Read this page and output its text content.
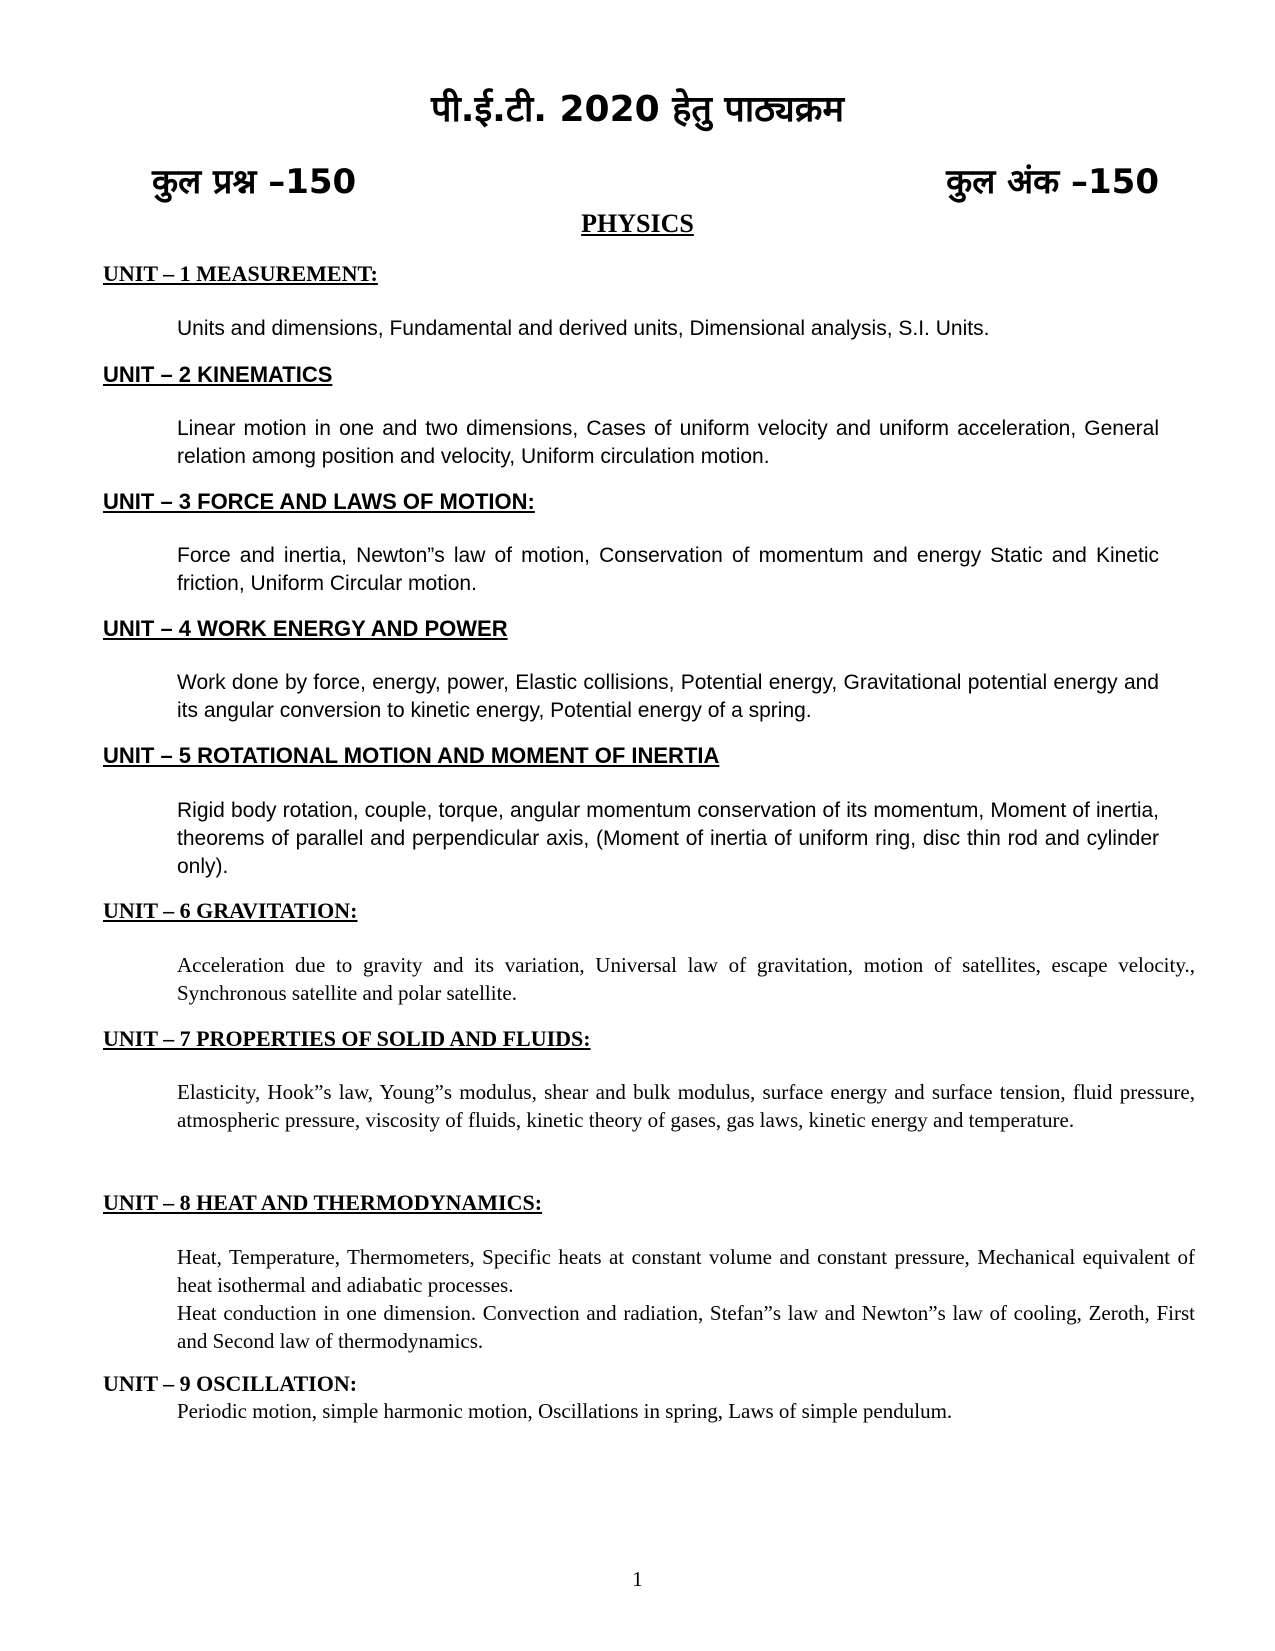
पी.ई.टी. 2020 हेतु पाठ्यक्रम
कुल प्रश्न –150	कुल अंक –150
PHYSICS
UNIT – 1 MEASUREMENT:

Units and dimensions, Fundamental and derived units, Dimensional analysis, S.I. Units.

UNIT – 2 KINEMATICS

Linear motion in one and two dimensions, Cases of uniform velocity and uniform acceleration, General relation among position and velocity, Uniform circulation motion.

UNIT – 3 FORCE AND LAWS OF MOTION:

Force and inertia, Newton”s law of motion, Conservation of momentum and energy Static and Kinetic friction, Uniform Circular motion.

UNIT – 4 WORK ENERGY AND POWER

Work done by force, energy, power, Elastic collisions, Potential energy, Gravitational potential energy and its angular conversion to kinetic energy, Potential energy of a spring.

UNIT – 5 ROTATIONAL MOTION AND MOMENT OF INERTIA

Rigid body rotation, couple, torque, angular momentum conservation of its momentum, Moment of inertia, theorems of parallel and perpendicular axis, (Moment of inertia of uniform ring, disc thin rod and cylinder only).

UNIT – 6 GRAVITATION:

Acceleration due to gravity and its variation, Universal law of gravitation, motion of satellites, escape velocity., Synchronous satellite and polar satellite.

UNIT – 7 PROPERTIES OF SOLID AND FLUIDS:

Elasticity, Hook”s law, Young”s modulus, shear and bulk modulus, surface energy and surface tension, fluid pressure, atmospheric pressure, viscosity of fluids, kinetic theory of gases, gas laws, kinetic energy and temperature.

UNIT – 8 HEAT AND THERMODYNAMICS:

Heat, Temperature, Thermometers, Specific heats at constant volume and constant pressure, Mechanical equivalent of heat isothermal and adiabatic processes.

Heat conduction in one dimension. Convection and radiation, Stefan”s law and Newton”s law of cooling, Zeroth, First and Second law of thermodynamics.

UNIT – 9 OSCILLATION:

Periodic motion, simple harmonic motion, Oscillations in spring, Laws of simple pendulum.

1
